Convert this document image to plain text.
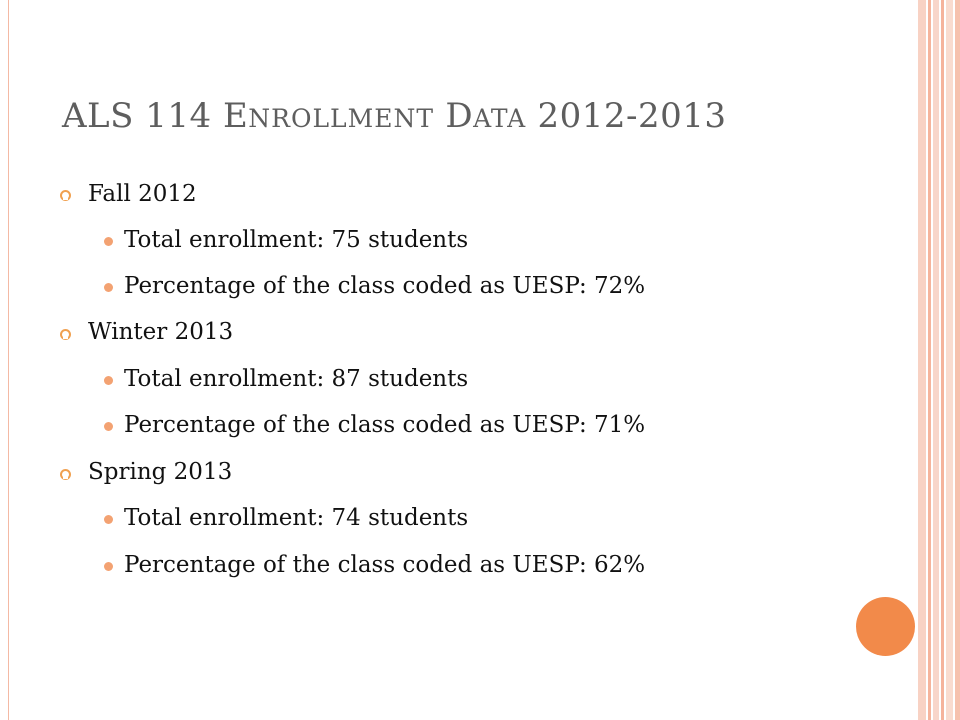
ALS 114 ENROLLMENT DATA 2012-2013
Fall 2012
Total enrollment: 75 students
Percentage of the class coded as UESP: 72%
Winter 2013
Total enrollment: 87 students
Percentage of the class coded as UESP: 71%
Spring 2013
Total enrollment: 74 students
Percentage of the class coded as UESP: 62%
